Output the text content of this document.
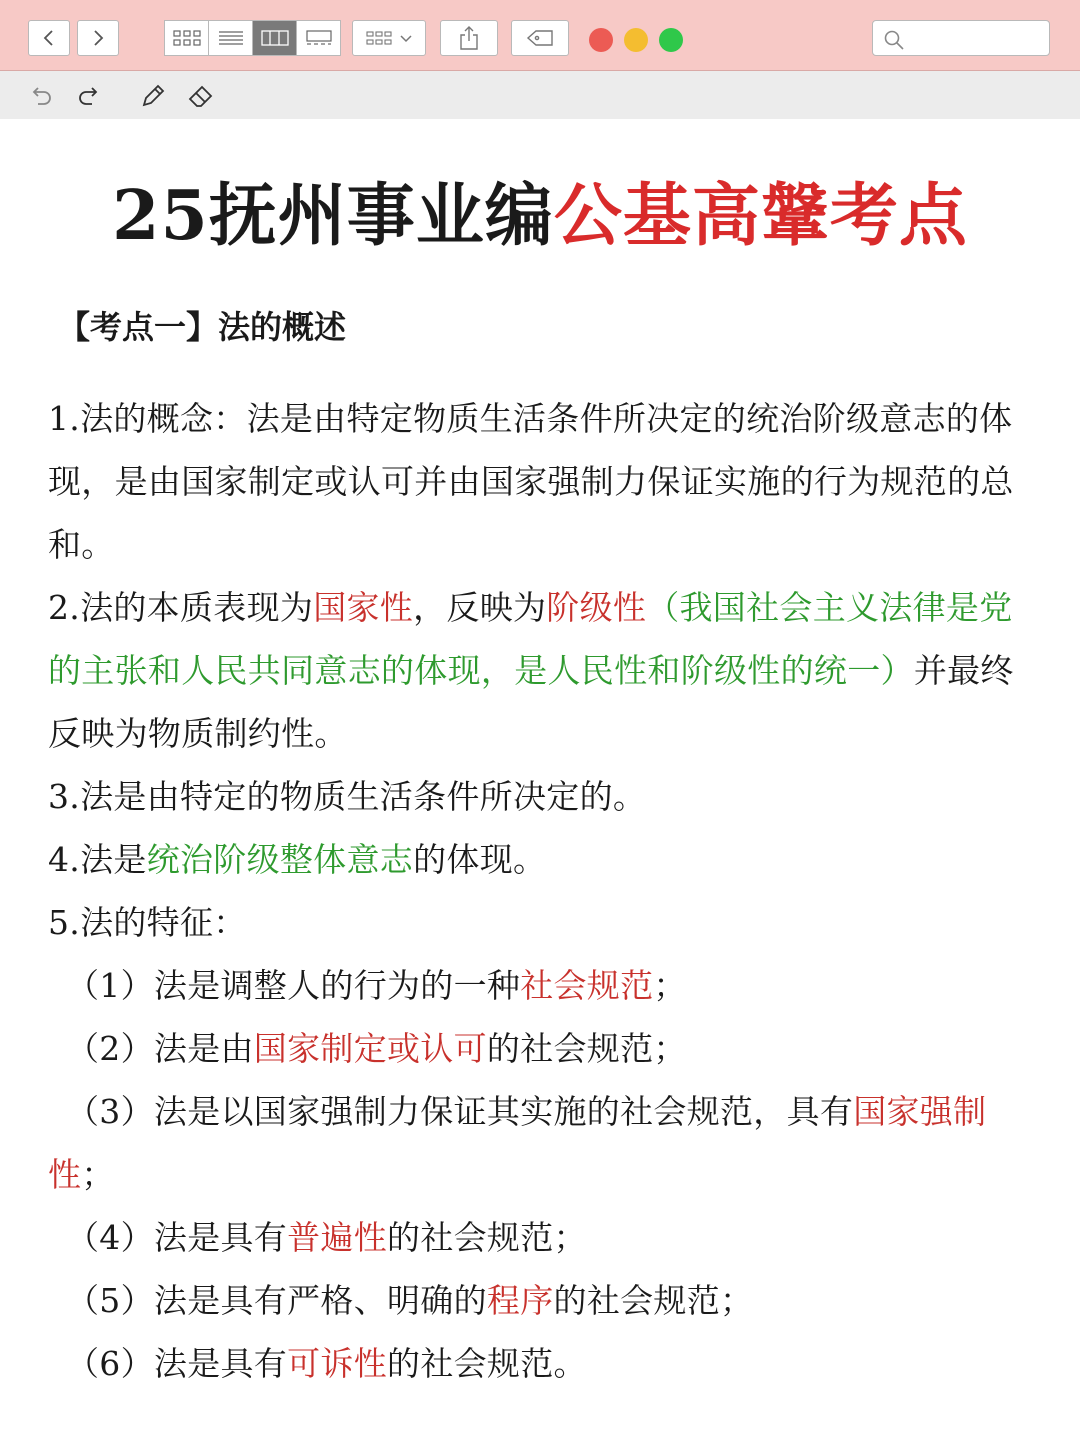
25抚州事业编公基高鞶考点
【考点一】法的概述
1.法的概念：法是由特定物质生活条件所决定的统治阶级意志的体现，是由国家制定或认可并由国家强制力保证实施的行为规范的总和。
2.法的本质表现为国家性，反映为阶级性（我国社会主义法律是党的主张和人民共同意志的体现，是人民性和阶级性的统一）并最终反映为物质制约性。
3.法是由特定的物质生活条件所决定的。
4.法是统治阶级整体意志的体现。
5.法的特征：
（1）法是调整人的行为的一种社会规范；
（2）法是由国家制定或认可的社会规范；
（3）法是以国家强制力保证其实施的社会规范，具有国家强制性；
（4）法是具有普遍性的社会规范；
（5）法是具有严格、明确的程序的社会规范；
（6）法是具有可诉性的社会规范。
